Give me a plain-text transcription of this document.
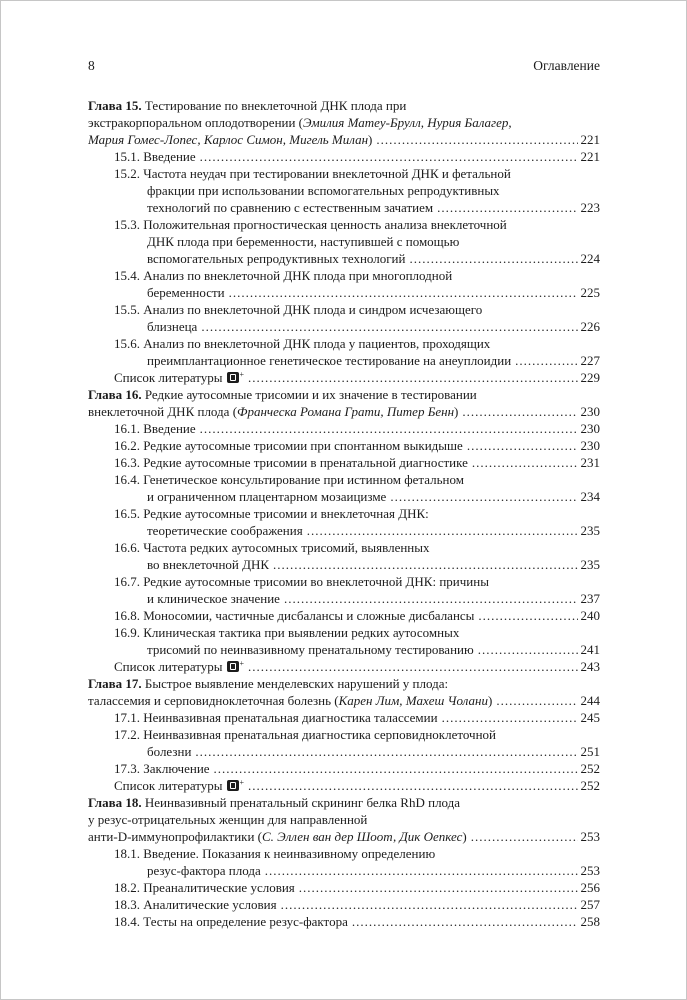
8	Оглавление
Глава 15. Тестирование по внеклеточной ДНК плода при
экстракорпоральном оплодотворении (Эмилия Матеу-Брулл, Нурия Балагер,
Мария Гомес-Лопес, Карлос Симон, Мигель Милан) .....	221
15.1. Введение .....	221
15.2. Частота неудач при тестировании внеклеточной ДНК и фетальной
фракции при использовании вспомогательных репродуктивных
технологий по сравнению с естественным зачатием .....	223
15.3. Положительная прогностическая ценность анализа внеклеточной
ДНК плода при беременности, наступившей с помощью
вспомогательных репродуктивных технологий .....	224
15.4. Анализ по внеклеточной ДНК плода при многоплодной
беременности .....	225
15.5. Анализ по внеклеточной ДНК плода и синдром исчезающего
близнеца .....	226
15.6. Анализ по внеклеточной ДНК плода у пациентов, проходящих
преимплантационное генетическое тестирование на анеуплоидии .....	227
Список литературы + .....	229
Глава 16. Редкие аутосомные трисомии и их значение в тестировании
внеклеточной ДНК плода (Франческа Романа Грати, Питер Бенн) .....	230
16.1. Введение .....	230
16.2. Редкие аутосомные трисомии при спонтанном выкидыше .....	230
16.3. Редкие аутосомные трисомии в пренатальной диагностике .....	231
16.4. Генетическое консультирование при истинном фетальном
и ограниченном плацентарном мозаицизме .....	234
16.5. Редкие аутосомные трисомии и внеклеточная ДНК:
теоретические соображения .....	235
16.6. Частота редких аутосомных трисомий, выявленных
во внеклеточной ДНК .....	235
16.7. Редкие аутосомные трисомии во внеклеточной ДНК: причины
и клиническое значение .....	237
16.8. Моносомии, частичные дисбалансы и сложные дисбалансы .....	240
16.9. Клиническая тактика при выявлении редких аутосомных
трисомий по неинвазивному пренатальному тестированию .....	241
Список литературы + .....	243
Глава 17. Быстрое выявление менделевских нарушений у плода:
талассемия и серповидноклеточная болезнь (Карен Лим, Махеш Чолани) .....	244
17.1. Неинвазивная пренатальная диагностика талассемии .....	245
17.2. Неинвазивная пренатальная диагностика серповидноклеточной
болезни .....	251
17.3. Заключение .....	252
Список литературы + .....	252
Глава 18. Неинвазивный пренатальный скрининг белка RhD плода
у резус-отрицательных женщин для направленной
анти-D-иммунопрофилактики (С. Эллен ван дер Шоот, Дик Оепкес) .....	253
18.1. Введение. Показания к неинвазивному определению
резус-фактора плода .....	253
18.2. Преаналитические условия .....	256
18.3. Аналитические условия .....	257
18.4. Тесты на определение резус-фактора .....	258
